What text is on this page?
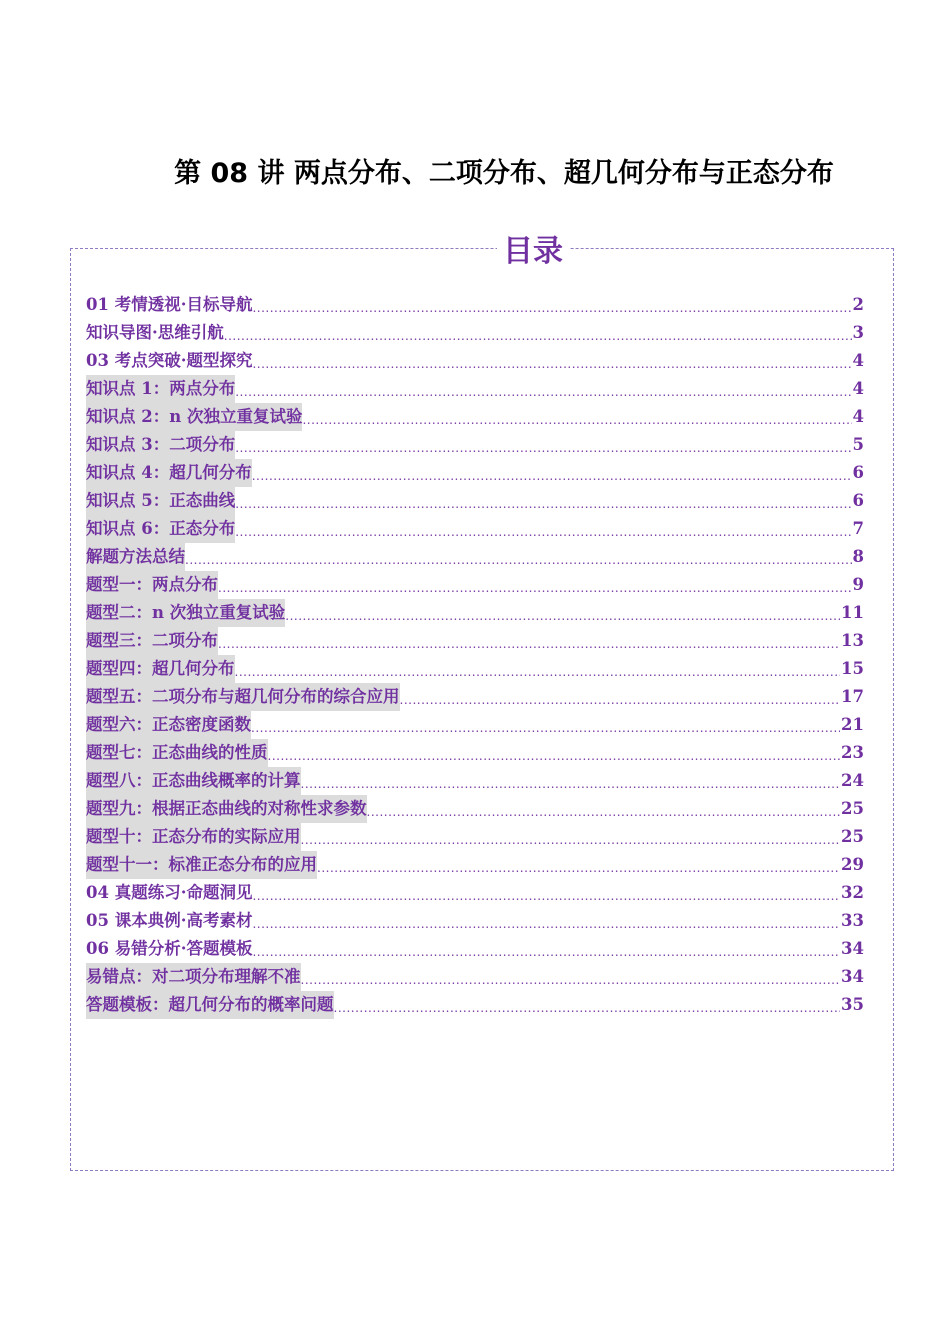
第 08 讲 两点分布、二项分布、超几何分布与正态分布
目录
01 考情透视·目标导航 .....	2
知识导图·思维引航 .....	3
03 考点突破·题型探究 .....	4
知识点 1：两点分布 .....	4
知识点 2：n 次独立重复试验 .....	4
知识点 3：二项分布 .....	5
知识点 4：超几何分布 .....	6
知识点 5：正态曲线 .....	6
知识点 6：正态分布 .....	7
解题方法总结 .....	8
题型一：两点分布 .....	9
题型二：n 次独立重复试验 .....	11
题型三：二项分布 .....	13
题型四：超几何分布 .....	15
题型五：二项分布与超几何分布的综合应用 .....	17
题型六：正态密度函数 .....	21
题型七：正态曲线的性质 .....	23
题型八：正态曲线概率的计算 .....	24
题型九：根据正态曲线的对称性求参数 .....	25
题型十：正态分布的实际应用 .....	25
题型十一：标准正态分布的应用 .....	29
04 真题练习·命题洞见 .....	32
05 课本典例·高考素材 .....	33
06 易错分析·答题模板 .....	34
易错点：对二项分布理解不准 .....	34
答题模板：超几何分布的概率问题 .....	35
